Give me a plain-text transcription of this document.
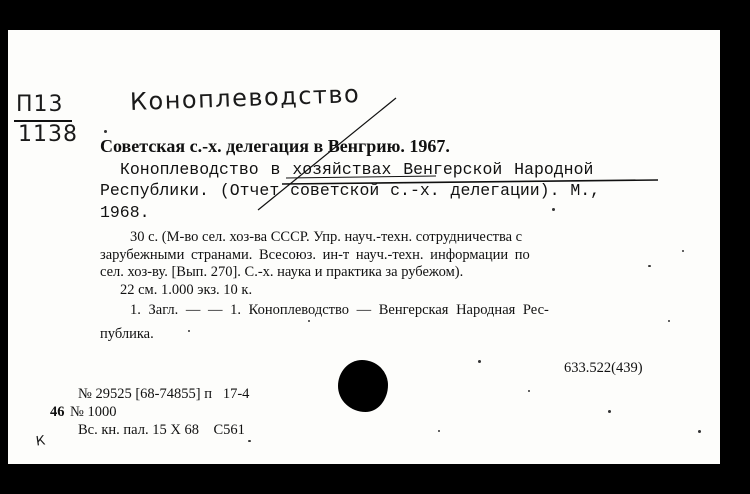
П13
1138
Коноплеводство
Советская с.-х. делегация в Венгрию. 1967.
Коноплеводство в хозяйствах Венгерской Народной
Республики. (Отчет советской с.-х. делегации). М.,
1968.
30 с. (М-во сел. хоз-ва СССР. Упр. науч.-техн. сотрудничества с
зарубежными странами. Всесоюз. ин-т науч.-техн. информации по
сел. хоз-ву. [Вып. 270]. С.-х. наука и практика за рубежом).
22 см. 1.000 экз. 10 к.
1. Загл. — — 1. Коноплеводство — Венгерская Народная Рес-
публика.
633.522(439)
№ 29525 [68-74855] п   17-4
46 № 1000
Вс. кн. пал. 15 X 68    С561
К
